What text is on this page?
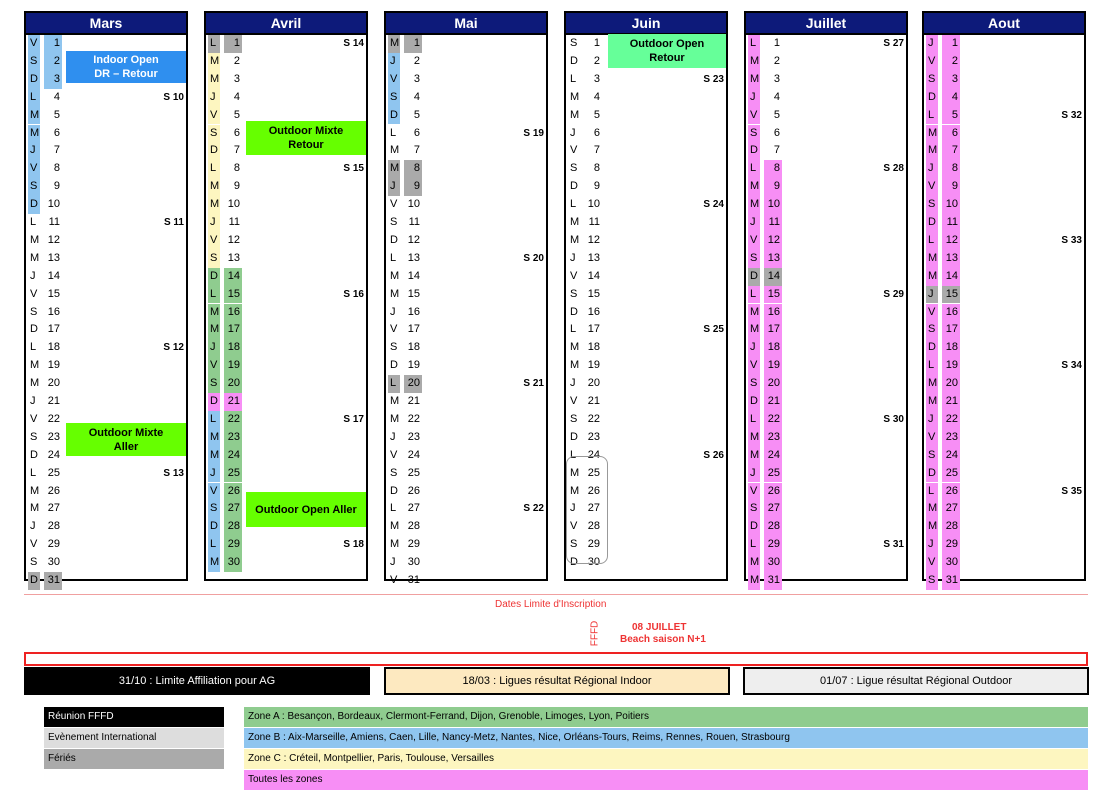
Mars
V	1
S	2
D	3
L	4	S 10
M	5
M	6
J	7
V	8
S	9
D 10
L	11	S 11
M 12
M 13
J	14
V 15
S 16
D 17
L	18	S 12
M 19
M 20
J	21
V 22
S 23
D 24
L	25	S 13
M 26
M 27
J	28
V 29
S 30
D 31
Avril
L	1	S 14
M	2
M	3
J	4
V	5
S	6
D	7
L	8	S 15
M	9
M 10
J	11
V 12
S 13
D 14
L	15	S 16
M 16
M 17
J	18
V 19
S 20
D 21
L	22	S 17
M 23
M 24
J	25
V 26
S 27
D 28
L	29	S 18
M 30
Mai
M	1
J	2
V	3
S	4
D	5
L	6	S 19
M	7
M	8
J	9
V 10
S	11
D 12
L	13	S 20
M 14
M 15
J	16
V 17
S 18
D 19
L	20	S 21
M 21
M 22
J	23
V 24
S 25
D 26
L	27	S 22
M 28
M 29
J	30
V 31
Juin
S	1
D	2
L	3	S 23
M	4
M	5
J	6
V	7
S	8
D	9
L	10	S 24
M 11
M 12
J	13
V 14
S 15
D 16
L	17	S 25
M 18
M 19
J	20
V 21
S 22
D 23
L	24	S 26
M 25
M 26
J	27
V 28
S 29
D 30
Juillet
L	1	S 27
M	2
M	3
J	4
V	5
S	6
D	7
L	8	S 28
M	9
M 10
J	11
V 12
S 13
D 14
L	15	S 29
M 16
M 17
J	18
V 19
S 20
D 21
L	22	S 30
M 23
M 24
J	25
V 26
S 27
D 28
L	29	S 31
M 30
M 31
Aout
J	1
V	2
S	3
D	4
L	5	S 32
M	6
M	7
J	8
V	9
S 10
D 11
L	12	S 33
M 13
M 14
J	15
V 16
S 17
D 18
L	19	S 34
M 20
M 21
J	22
V 23
S 24
D 25
L	26	S 35
M 27
M 28
J	29
V 30
S 31
Indoor Open
DR – Retour
Outdoor Mixte
Aller
Outdoor Mixte
Retour
Outdoor Open Aller
Outdoor Open
Retour
Dates Limite d'Inscription
FFFD	08 JUILLET
Beach saison N+1
31/10 : Limite Affiliation pour AG	18/03 : Ligues résultat Régional Indoor	01/07 : Ligue résultat Régional Outdoor
Réunion FFFD
Evènement International
Fériés
Zone A : Besançon, Bordeaux, Clermont-Ferrand, Dijon, Grenoble, Limoges, Lyon, Poitiers
Zone B : Aix-Marseille, Amiens, Caen, Lille, Nancy-Metz, Nantes, Nice, Orléans-Tours, Reims, Rennes, Rouen, Strasbourg
Zone C : Créteil, Montpellier, Paris, Toulouse, Versailles
Toutes les zones
